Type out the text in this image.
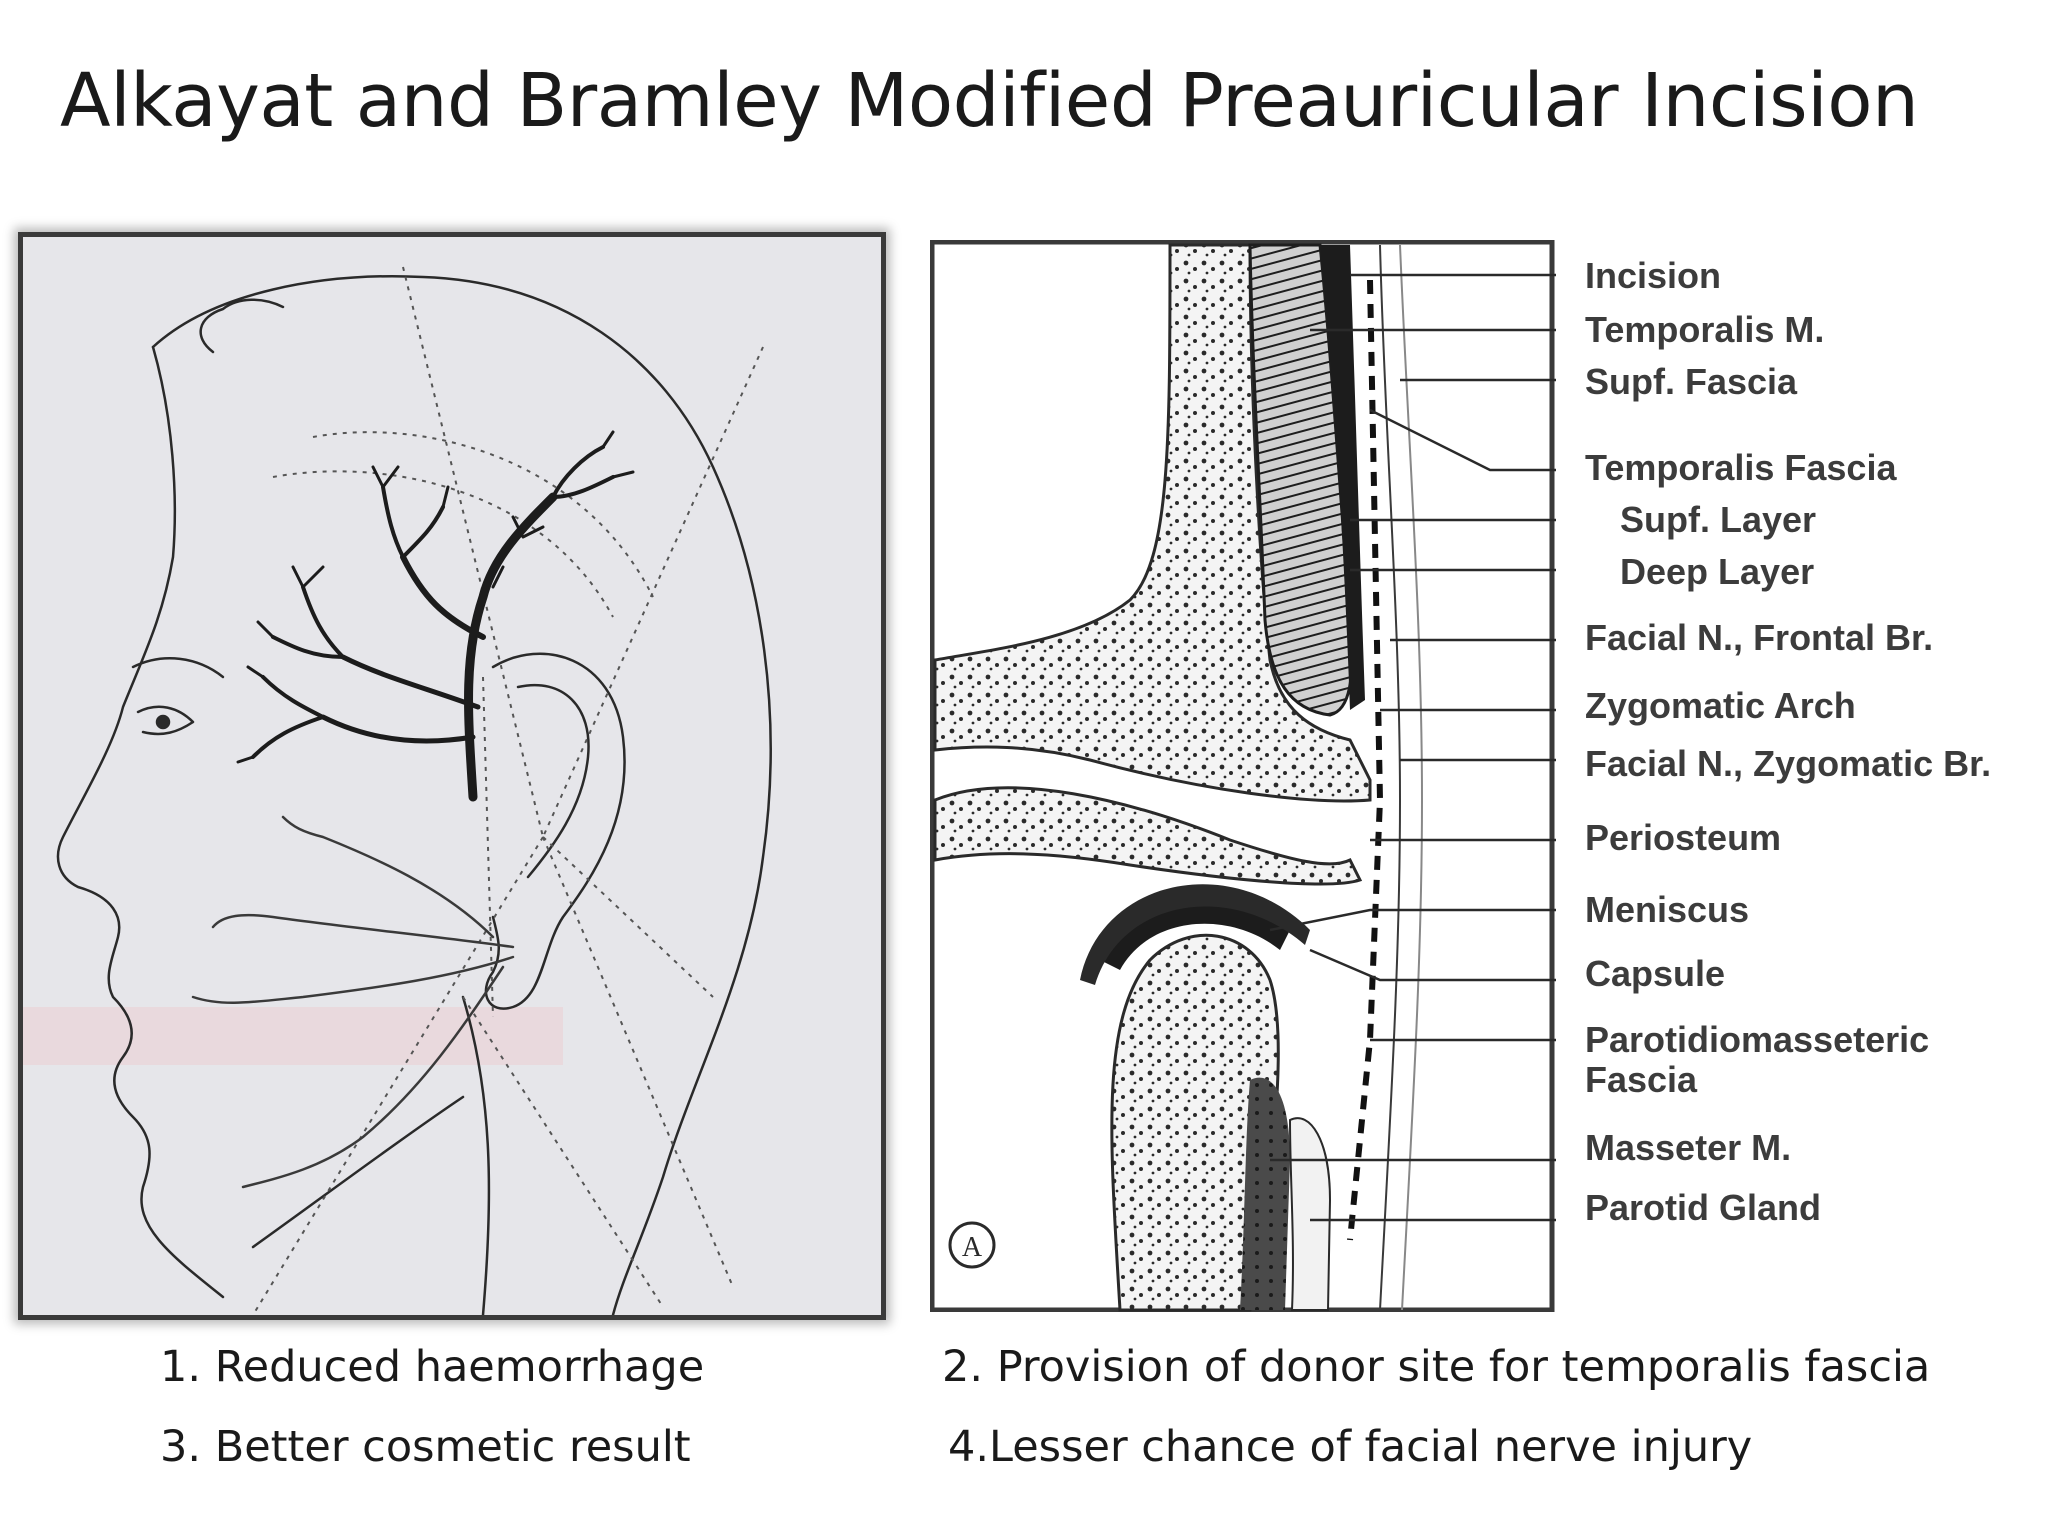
Alkayat and Bramley Modified Preauricular Incision
A
Incision
Temporalis M.
Supf. Fascia
Temporalis Fascia
Supf. Layer
Deep Layer
Facial N., Frontal Br.
Zygomatic Arch
Facial N., Zygomatic Br.
Periosteum
Meniscus
Capsule
Parotidiomasseteric
Fascia
Masseter M.
Parotid Gland
1. Reduced haemorrhage	2. Provision of donor site for temporalis fascia
3. Better cosmetic result	4.Lesser chance of facial nerve injury
